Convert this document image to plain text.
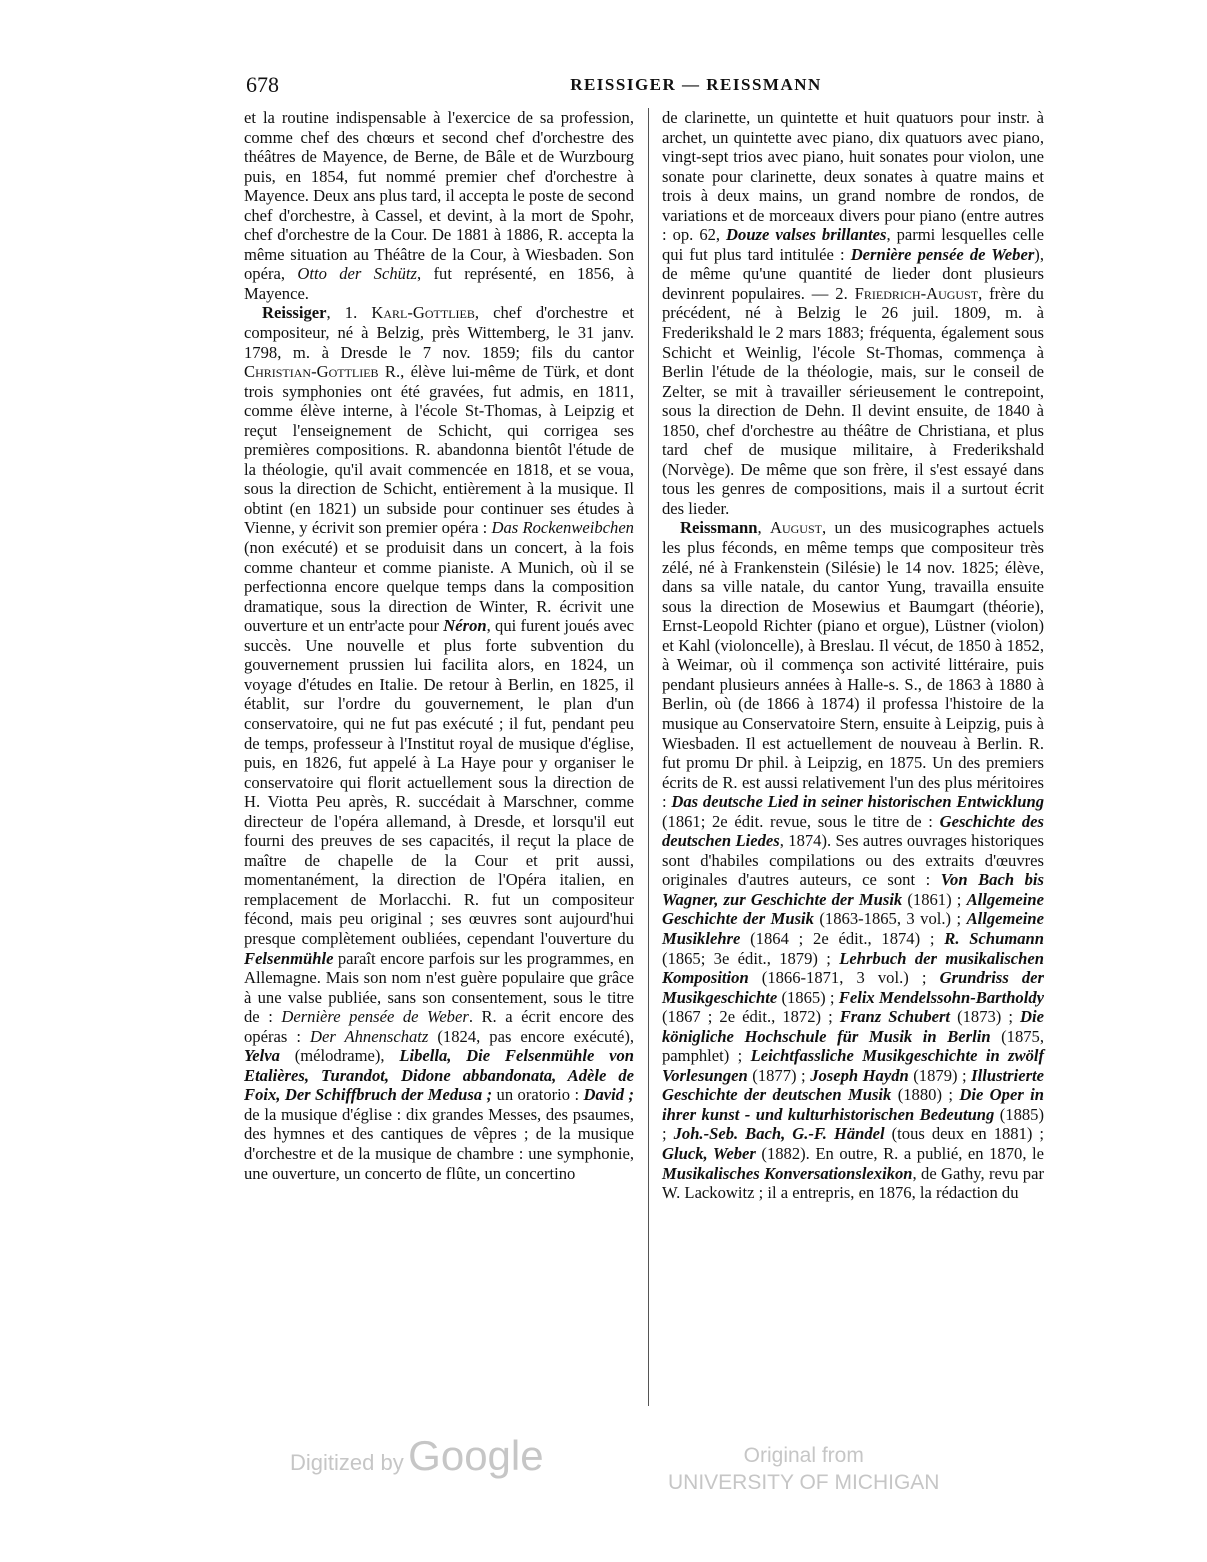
678	REISSIGER — REISSMANN

et la routine indispensable à l'exercice de sa profession, comme chef des chœurs et second chef d'orchestre des théâtres de Mayence, de Berne, de Bâle et de Wurzbourg puis, en 1854, fut nommé premier chef d'orchestre à Mayence. Deux ans plus tard, il accepta le poste de second chef d'orchestre, à Cassel, et devint, à la mort de Spohr, chef d'orchestre de la Cour. De 1881 à 1886, R. accepta la même situation au Théâtre de la Cour, à Wiesbaden. Son opéra, Otto der Schütz, fut représenté, en 1856, à Mayence.

Reissiger, 1. Karl-Gottlieb, chef d'orchestre et compositeur, né à Belzig, près Wittemberg, le 31 janv. 1798, m. à Dresde le 7 nov. 1859; fils du cantor Christian-Gottlieb R., élève lui-même de Türk, et dont trois symphonies ont été gravées, fut admis, en 1811, comme élève interne, à l'école St-Thomas, à Leipzig et reçut l'enseignement de Schicht, qui corrigea ses premières compositions. R. abandonna bientôt l'étude de la théologie, qu'il avait commencée en 1818, et se voua, sous la direction de Schicht, entièrement à la musique. Il obtint (en 1821) un subside pour continuer ses études à Vienne, y écrivit son premier opéra : Das Rockenweibchen (non exécuté) et se produisit dans un concert, à la fois comme chanteur et comme pianiste. A Munich, où il se perfectionna encore quelque temps dans la composition dramatique, sous la direction de Winter, R. écrivit une ouverture et un entr'acte pour Néron, qui furent joués avec succès. Une nouvelle et plus forte subvention du gouvernement prussien lui facilita alors, en 1824, un voyage d'études en Italie. De retour à Berlin, en 1825, il établit, sur l'ordre du gouvernement, le plan d'un conservatoire, qui ne fut pas exécuté ; il fut, pendant peu de temps, professeur à l'Institut royal de musique d'église, puis, en 1826, fut appelé à La Haye pour y organiser le conservatoire qui florit actuellement sous la direction de H. Viotta Peu après, R. succédait à Marschner, comme directeur de l'opéra allemand, à Dresde, et lorsqu'il eut fourni des preuves de ses capacités, il reçut la place de maître de chapelle de la Cour et prit aussi, momentanément, la direction de l'Opéra italien, en remplacement de Morlacchi. R. fut un compositeur fécond, mais peu original ; ses œuvres sont aujourd'hui presque complètement oubliées, cependant l'ouverture du Felsenmühle paraît encore parfois sur les programmes, en Allemagne. Mais son nom n'est guère populaire que grâce à une valse publiée, sans son consentement, sous le titre de : Dernière pensée de Weber. R. a écrit encore des opéras : Der Ahnenschatz (1824, pas encore exécuté), Yelva (mélodrame), Libella, Die Felsenmühle von Etalières, Turandot, Didone abbandonata, Adèle de Foix, Der Schiffbruch der Medusa ; un oratorio : David ; de la musique d'église : dix grandes Messes, des psaumes, des hymnes et des cantiques de vêpres ; de la musique d'orchestre et de la musique de chambre : une symphonie, une ouverture, un concerto de flûte, un concertino

de clarinette, un quintette et huit quatuors pour instr. à archet, un quintette avec piano, dix quatuors avec piano, vingt-sept trios avec piano, huit sonates pour violon, une sonate pour clarinette, deux sonates à quatre mains et trois à deux mains, un grand nombre de rondos, de variations et de morceaux divers pour piano (entre autres : op. 62, Douze valses brillantes, parmi lesquelles celle qui fut plus tard intitulée : Dernière pensée de Weber), de même qu'une quantité de lieder dont plusieurs devinrent populaires. — 2. Friedrich-August, frère du précédent, né à Belzig le 26 juil. 1809, m. à Frederikshald le 2 mars 1883; fréquenta, également sous Schicht et Weinlig, l'école St-Thomas, commença à Berlin l'étude de la théologie, mais, sur le conseil de Zelter, se mit à travailler sérieusement le contrepoint, sous la direction de Dehn. Il devint ensuite, de 1840 à 1850, chef d'orchestre au théâtre de Christiana, et plus tard chef de musique militaire, à Frederikshald (Norvège). De même que son frère, il s'est essayé dans tous les genres de compositions, mais il a surtout écrit des lieder.

Reissmann, August, un des musicographes actuels les plus féconds, en même temps que compositeur très zélé, né à Frankenstein (Silésie) le 14 nov. 1825; élève, dans sa ville natale, du cantor Yung, travailla ensuite sous la direction de Mosewius et Baumgart (théorie), Ernst-Leopold Richter (piano et orgue), Lüstner (violon) et Kahl (violoncelle), à Breslau. Il vécut, de 1850 à 1852, à Weimar, où il commença son activité littéraire, puis pendant plusieurs années à Halle-s. S., de 1863 à 1880 à Berlin, où (de 1866 à 1874) il professa l'histoire de la musique au Conservatoire Stern, ensuite à Leipzig, puis à Wiesbaden. Il est actuellement de nouveau à Berlin. R. fut promu Dr phil. à Leipzig, en 1875. Un des premiers écrits de R. est aussi relativement l'un des plus méritoires : Das deutsche Lied in seiner historischen Entwicklung (1861; 2e édit. revue, sous le titre de : Geschichte des deutschen Liedes, 1874). Ses autres ouvrages historiques sont d'habiles compilations ou des extraits d'œuvres originales d'autres auteurs, ce sont : Von Bach bis Wagner, zur Geschichte der Musik (1861) ; Allgemeine Geschichte der Musik (1863-1865, 3 vol.) ; Allgemeine Musiklehre (1864 ; 2e édit., 1874) ; R. Schumann (1865; 3e édit., 1879) ; Lehrbuch der musikalischen Komposition (1866-1871, 3 vol.) ; Grundriss der Musikgeschichte (1865) ; Felix Mendelssohn-Bartholdy (1867 ; 2e édit., 1872) ; Franz Schubert (1873) ; Die königliche Hochschule für Musik in Berlin (1875, pamphlet) ; Leichtfassliche Musikgeschichte in zwölf Vorlesungen (1877) ; Joseph Haydn (1879) ; Illustrierte Geschichte der deutschen Musik (1880) ; Die Oper in ihrer kunst - und kulturhistorischen Bedeutung (1885) ; Joh.-Seb. Bach, G.-F. Händel (tous deux en 1881) ; Gluck, Weber (1882). En outre, R. a publié, en 1870, le Musikalisches Konversationslexikon, de Gathy, revu par W. Lackowitz ; il a entrepris, en 1876, la rédaction du

Digitized by Google	Original from
UNIVERSITY OF MICHIGAN
